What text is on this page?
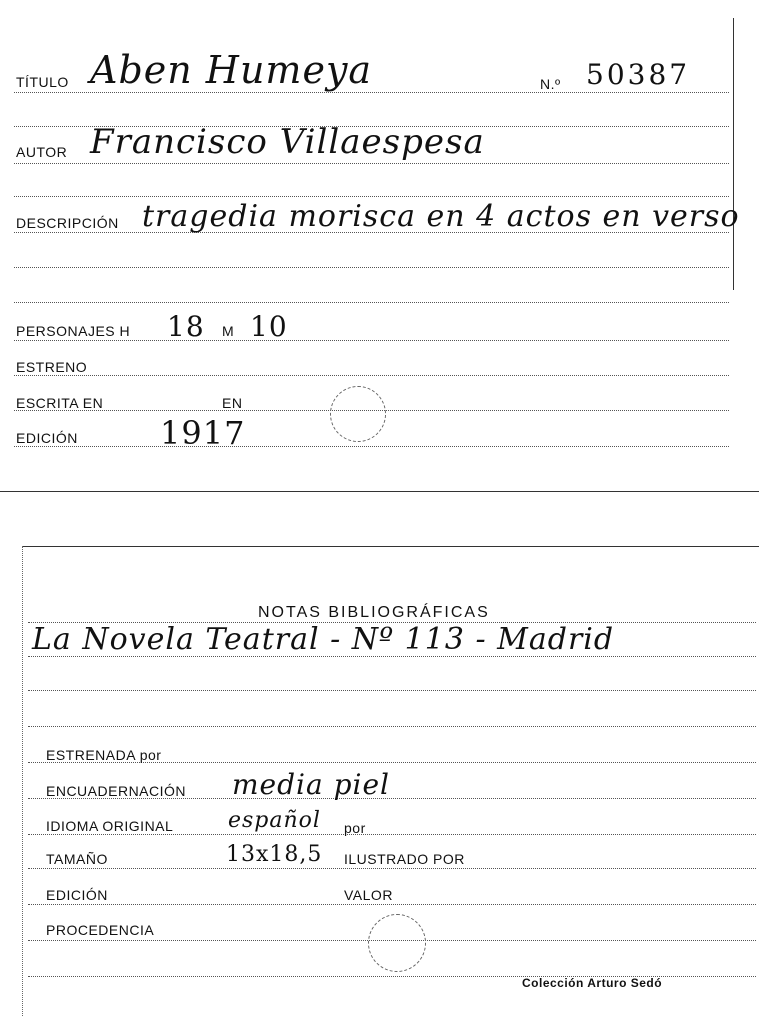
TÍTULO Aben Humeya	N.º 50387
AUTOR Francisco Villaespesa
DESCRIPCIÓN tragedia morisca en 4 actos en verso
PERSONAJES H 18 M 10
ESTRENO
ESCRITA EN	EN
EDICIÓN	1917
NOTAS BIBLIOGRÁFICAS
La Novela Teatral - Nº 113 - Madrid
ESTRENADA por
ENCUADERNACIÓN media piel
IDIOMA ORIGINAL español por
TAMAÑO	13x18,5 ILUSTRADO POR
EDICIÓN	VALOR
PROCEDENCIA
Colección Arturo Sedó
